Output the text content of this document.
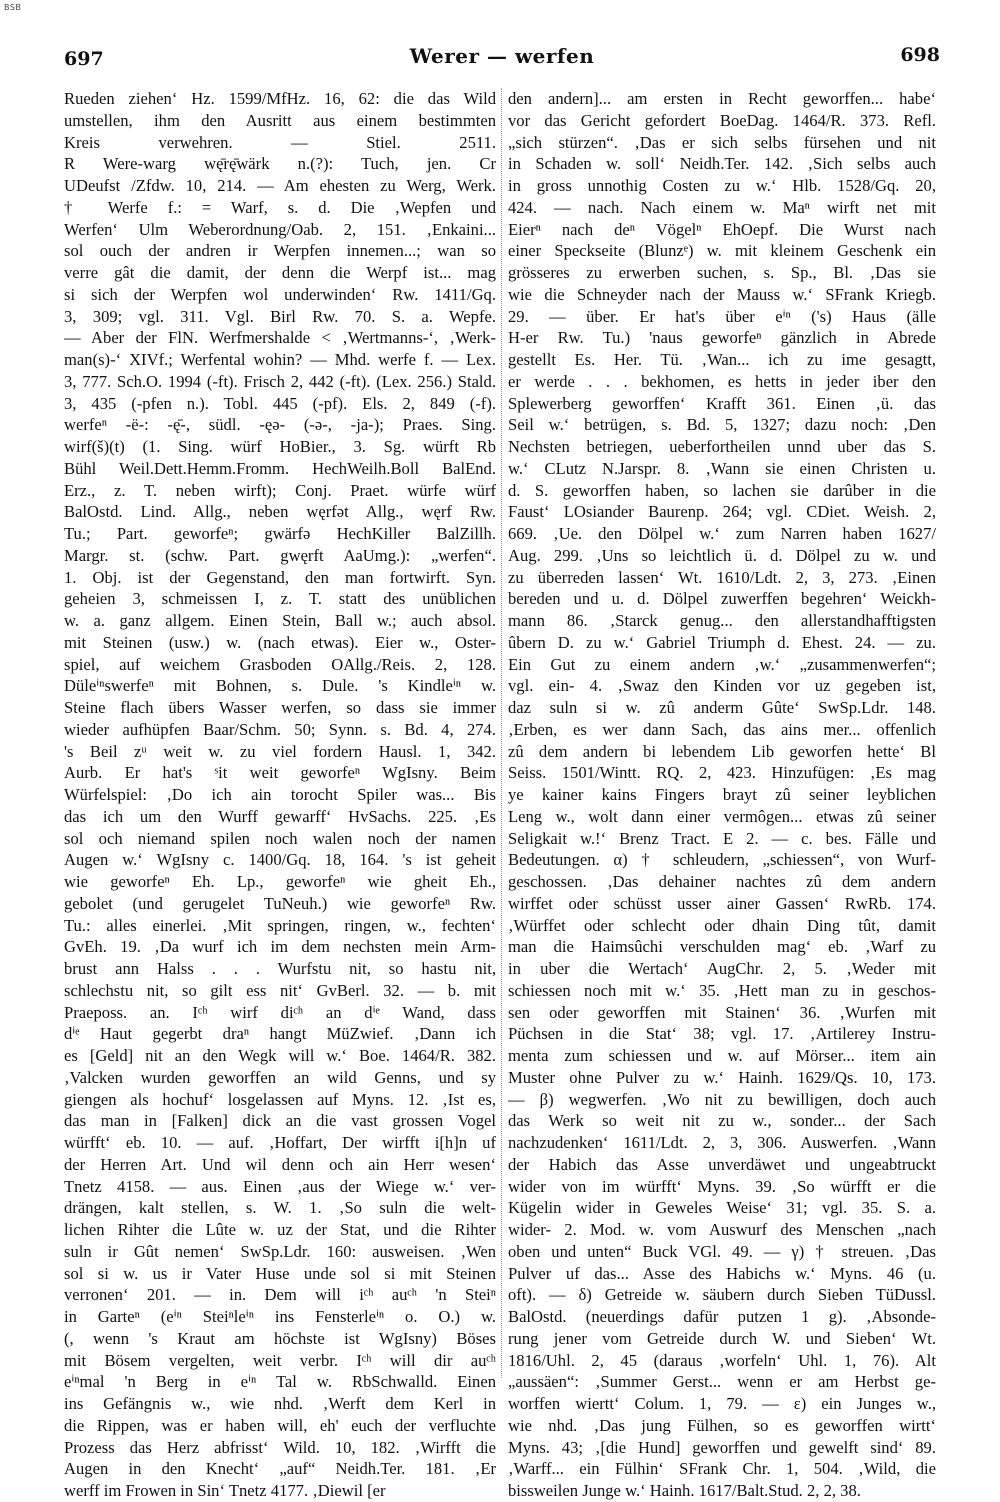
BSB
697	Werer — werfen	698
Rueden ziehen‘ Hz. 1599/MfHz. 16, 62: die das Wild
umstellen, ihm den Ausritt aus einem bestimmten
Kreis verwehren. — Stiel. 2511.
R Were-warg wę̄rę̄wärk n.(?): Tuch, jen. Cr
UDeufst /Zfdw. 10, 214. — Am ehesten zu Werg, Werk.
† Werfe f.: = Warf, s. d. Die ‚Wepfen und
Werfen‘ Ulm Weberordnung/Oab. 2, 151. ‚Enkaini...
sol ouch der andren ir Werpfen innemen...; wan so
verre gât die damit, der denn die Werpf ist... mag
si sich der Werpfen wol underwinden‘ Rw. 1411/Gq.
3, 309; vgl. 311. Vgl. Birl Rw. 70. S. a. Wepfe.
— Aber der FlN. Werfmershalde < ‚Wertmanns-‘, ‚Werk-
man(s)-‘ XIVf.; Werfental wohin? — Mhd. werfe f. — Lex.
3, 777. Sch.O. 1994 (-ft). Frisch 2, 442 (-ft). (Lex. 256.) Stald.
3, 435 (-pfen n.). Tobl. 445 (-pf). Els. 2, 849 (-f).
werfeⁿ -ë-: -ę̄-, südl. -ęə- (-ə-, -ja-); Praes. Sing.
wirf(š)(t) (1. Sing. würf HoBier., 3. Sg. würft Rb
Bühl Weil.Dett.Hemm.Fromm. HechWeilh.Boll BalEnd.
Erz., z. T. neben wirft); Conj. Praet. würfe würf
BalOstd. Lind. Allg., neben węrfət Allg., węrf Rw.
Tu.; Part. geworfeⁿ; gwärfə HechKiller BalZillh.
Margr. st. (schw. Part. gwęrft AaUmg.): „werfen“.
1. Obj. ist der Gegenstand, den man fortwirft. Syn.
geheien 3, schmeissen I, z. T. statt des unüblichen
w. a. ganz allgem. Einen Stein, Ball w.; auch absol.
mit Steinen (usw.) w. (nach etwas). Eier w., Oster-
spiel, auf weichem Grasboden OAllg./Reis. 2, 128.
Düleⁱⁿswerfeⁿ mit Bohnen, s. Dule. 's Kindleⁱⁿ w.
Steine flach übers Wasser werfen, so dass sie immer
wieder aufhüpfen Baar/Schm. 50; Synn. s. Bd. 4, 274.
's Beil zᵘ weit w. zu viel fordern Hausl. 1, 342.
Aurb. Er hat's ˢit weit geworfeⁿ WgIsny. Beim
Würfelspiel: ‚Do ich ain torocht Spiler was... Bis
das ich um den Wurff gewarff‘ HvSachs. 225. ‚Es
sol och niemand spilen noch walen noch der namen
Augen w.‘ WgIsny c. 1400/Gq. 18, 164. 's ist geheit
wie geworfeⁿ Eh. Lp., geworfeⁿ wie gheit Eh.,
gebolet (und gerugelet TuNeuh.) wie geworfeⁿ Rw.
Tu.: alles einerlei. ‚Mit springen, ringen, w., fechten‘
GvEh. 19. ‚Da wurf ich im dem nechsten mein Arm-
brust ann Halss . . . Wurfstu nit, so hastu nit,
schlechstu nit, so gilt ess nit‘ GvBerl. 32. — b. mit
Praeposs. an. Iᶜʰ wirf diᶜʰ an dⁱᵉ Wand, dass
dⁱᵉ Haut gegerbt draⁿ hangt MüZwief. ‚Dann ich
es [Geld] nit an den Wegk will w.‘ Boe. 1464/R. 382.
‚Valcken wurden geworffen an wild Genns, und sy
giengen als hochuf‘ losgelassen auf Myns. 12. ‚Ist es,
das man in [Falken] dick an die vast grossen Vogel
würfft‘ eb. 10. — auf. ‚Hoffart, Der wirfft i[h]n uf
der Herren Art. Und wil denn och ain Herr wesen‘
Tnetz 4158. — aus. Einen ‚aus der Wiege w.‘ ver-
drängen, kalt stellen, s. W. 1. ‚So suln die welt-
lichen Rihter die Lûte w. uz der Stat, und die Rihter
suln ir Gût nemen‘ SwSp.Ldr. 160: ausweisen. ‚Wen
sol si w. us ir Vater Huse unde sol si mit Steinen
verronen‘ 201. — in. Dem will iᶜʰ auᶜʰ 'n Steiⁿ
in Garteⁿ (eⁱⁿ Steiⁿleⁱⁿ ins Fensterleⁱⁿ o. O.) w.
(, wenn 's Kraut am höchste ist WgIsny) Böses
mit Bösem vergelten, weit verbr. Iᶜʰ will dir auᶜʰ
eⁱⁿmal 'n Berg in eⁱⁿ Tal w. RbSchwalld. Einen
ins Gefängnis w., wie nhd. ‚Werft dem Kerl in
die Rippen, was er haben will, eh' euch der verfluchte
Prozess das Herz abfrisst‘ Wild. 10, 182. ‚Wirfft die
Augen in den Knecht‘ „auf“ Neidh.Ter. 181. ‚Er
werff im Frowen in Sin‘ Tnetz 4177. ‚Diewil [er
den andern]... am ersten in Recht geworffen... habe‘
vor das Gericht gefordert BoeDag. 1464/R. 373. Refl.
„sich stürzen“. ‚Das er sich selbs fürsehen und nit
in Schaden w. soll‘ Neidh.Ter. 142. ‚Sich selbs auch
in gross unnothig Costen zu w.‘ Hlb. 1528/Gq. 20,
424. — nach. Nach einem w. Maⁿ wirft net mit
Eierⁿ nach deⁿ Vögelⁿ EhOepf. Die Wurst nach
einer Speckseite (Blunzᵉ) w. mit kleinem Geschenk ein
grösseres zu erwerben suchen, s. Sp., Bl. ‚Das sie
wie die Schneyder nach der Mauss w.‘ SFrank Kriegb.
29. — über. Er hat's über eⁱⁿ ('s) Haus (älle
H-er Rw. Tu.) 'naus geworfeⁿ gänzlich in Abrede
gestellt Es. Her. Tü. ‚Wan... ich zu ime gesagtt,
er werde . . . bekhomen, es hetts in jeder iber den
Splewerberg geworffen‘ Krafft 361. Einen ‚ü. das
Seil w.‘ betrügen, s. Bd. 5, 1327; dazu noch: ‚Den
Nechsten betriegen, ueberfortheilen unnd uber das S.
w.‘ CLutz N.Jarspr. 8. ‚Wann sie einen Christen u.
d. S. geworffen haben, so lachen sie darûber in die
Faust‘ LOsiander Baurenp. 264; vgl. CDiet. Weish. 2,
669. ‚Ue. den Dölpel w.‘ zum Narren haben 1627/
Aug. 299. ‚Uns so leichtlich ü. d. Dölpel zu w. und
zu überreden lassen‘ Wt. 1610/Ldt. 2, 3, 273. ‚Einen
bereden und u. d. Dölpel zuwerffen begehren‘ Weickh-
mann 86. ‚Starck genug... den allerstandhafftigsten
ûbern D. zu w.‘ Gabriel Triumph d. Ehest. 24. — zu.
Ein Gut zu einem andern ‚w.‘ „zusammenwerfen“;
vgl. ein- 4. ‚Swaz den Kinden vor uz gegeben ist,
daz suln si w. zû anderm Gûte‘ SwSp.Ldr. 148.
‚Erben, es wer dann Sach, das ains mer... offenlich
zû dem andern bi lebendem Lib geworfen hette‘ Bl
Seiss. 1501/Wintt. RQ. 2, 423. Hinzufügen: ‚Es mag
ye kainer kains Fingers brayt zû seiner leyblichen
Leng w., wolt dann einer vermôgen... etwas zû seiner
Seligkait w.!‘ Brenz Tract. E 2. — c. bes. Fälle und
Bedeutungen. α) † schleudern, „schiessen“, von Wurf-
geschossen. ‚Das dehainer nachtes zû dem andern
wirffet oder schüsst usser ainer Gassen‘ RwRb. 174.
‚Würffet oder schlecht oder dhain Ding tût, damit
man die Haimsûchi verschulden mag‘ eb. ‚Warf zu
in uber die Wertach‘ AugChr. 2, 5. ‚Weder mit
schiessen noch mit w.‘ 35. ‚Hett man zu in geschos-
sen oder geworffen mit Stainen‘ 36. ‚Wurfen mit
Püchsen in die Stat‘ 38; vgl. 17. ‚Artilerey Instru-
menta zum schiessen und w. auf Mörser... item ain
Muster ohne Pulver zu w.‘ Hainh. 1629/Qs. 10, 173.
— β) wegwerfen. ‚Wo nit zu bewilligen, doch auch
das Werk so weit nit zu w., sonder... der Sach
nachzudenken‘ 1611/Ldt. 2, 3, 306. Auswerfen. ‚Wann
der Habich das Asse unverdäwet und ungeabtruckt
wider von im würfft‘ Myns. 39. ‚So würfft er die
Kügelin wider in Geweles Weise‘ 31; vgl. 35. S. a.
wider- 2. Mod. w. vom Auswurf des Menschen „nach
oben und unten“ Buck VGl. 49. — γ) † streuen. ‚Das
Pulver uf das... Asse des Habichs w.‘ Myns. 46 (u.
oft). — δ) Getreide w. säubern durch Sieben TüDussl.
BalOstd. (neuerdings dafür putzen 1 g). ‚Absonde-
rung jener vom Getreide durch W. und Sieben‘ Wt.
1816/Uhl. 2, 45 (daraus ‚worfeln‘ Uhl. 1, 76). Alt
„aussäen“: ‚Summer Gerst... wenn er am Herbst ge-
worffen wiertt‘ Colum. 1, 79. — ε) ein Junges w.,
wie nhd. ‚Das jung Fülhen, so es geworffen wirtt‘
Myns. 43; ‚[die Hund] geworffen und gewelft sind‘ 89.
‚Warff... ein Fülhin‘ SFrank Chr. 1, 504. ‚Wild, die
bissweilen Junge w.‘ Hainh. 1617/Balt.Stud. 2, 2, 38.
